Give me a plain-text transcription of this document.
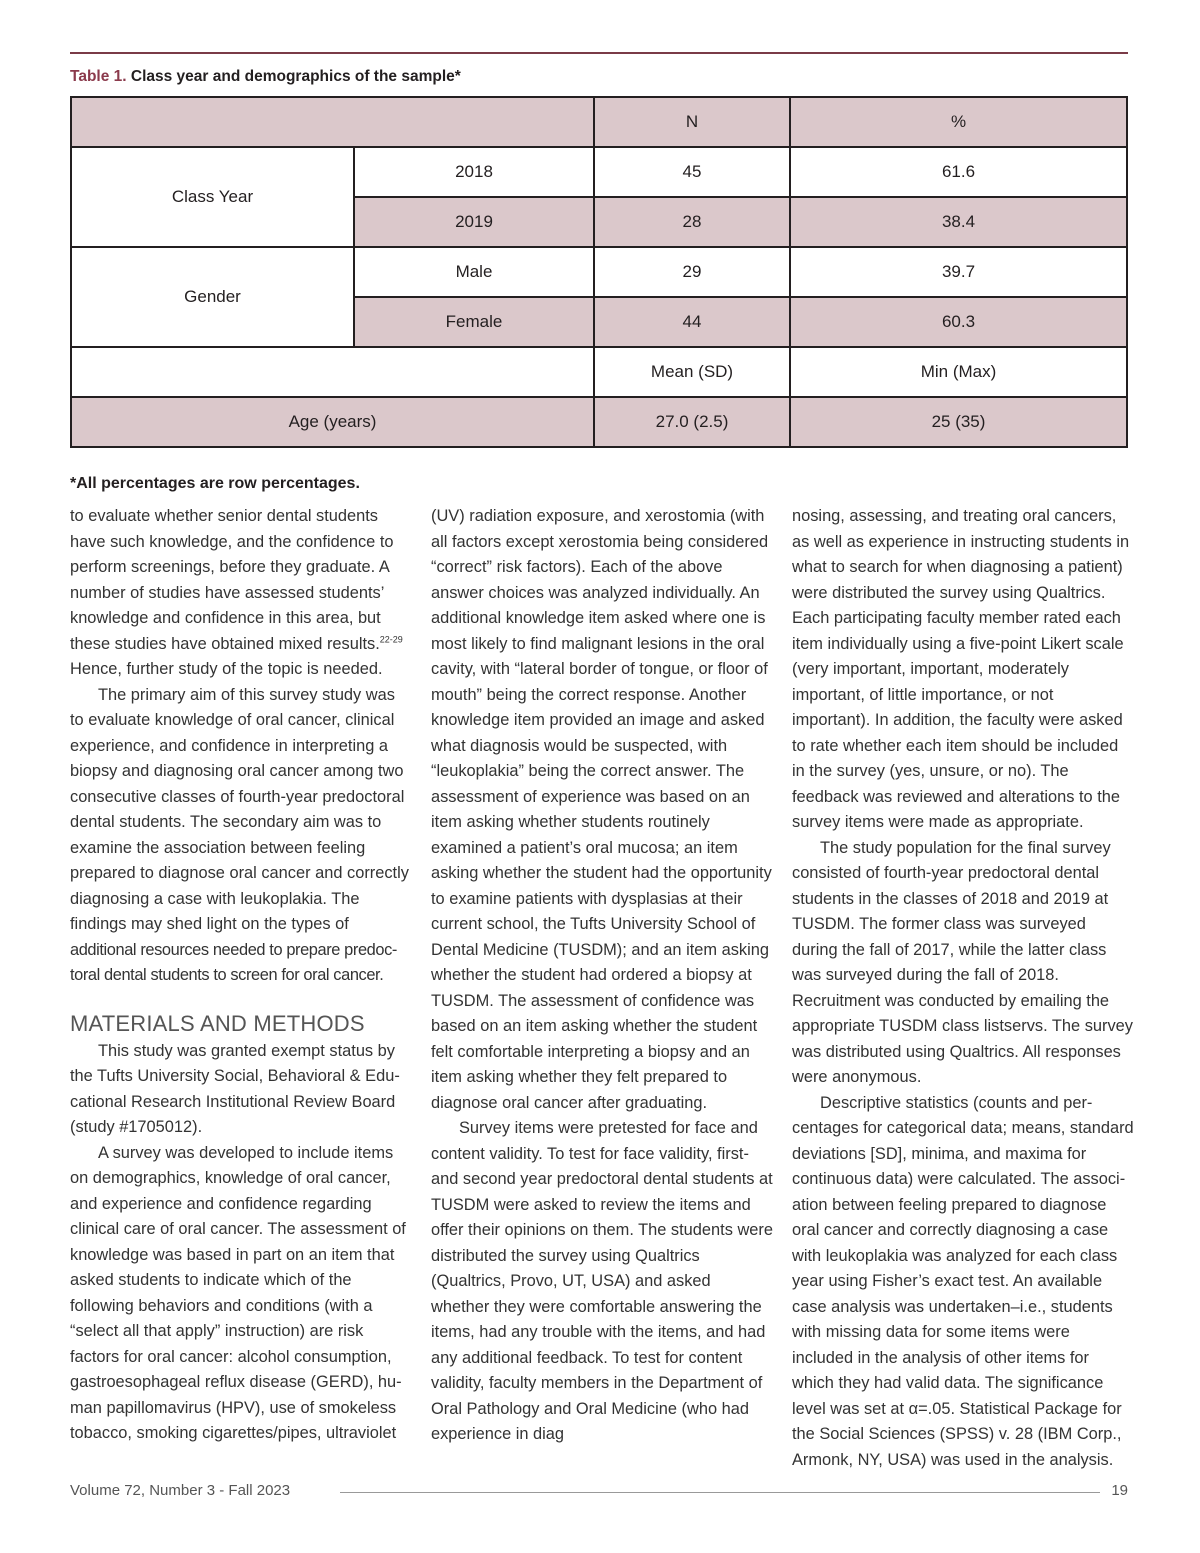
Table 1. Class year and demographics of the sample*
		N	%
Class Year	2018	45	61.6
	2019	28	38.4
Gender	Male	29	39.7
	Female	44	60.3
		Mean (SD)	Min (Max)
Age (years)		27.0 (2.5)	25 (35)
*All percentages are row percentages.

to evaluate whether senior dental students have such knowledge, and the confidence to perform screenings, before they graduate. A number of studies have assessed students’ knowledge and confidence in this area, but these studies have obtained mixed results.$^{22-29}$ Hence, further study of the topic is needed.

The primary aim of this survey study was to evaluate knowledge of oral cancer, clinical experience, and confidence in interpreting a biopsy and diagnosing oral cancer among two consecutive classes of fourth-year predoctoral dental students. The secondary aim was to examine the association between feeling prepared to diagnose oral cancer and correctly diagnosing a case with leukoplakia. The findings may shed light on the types of additional resources needed to prepare predoctoral dental students to screen for oral cancer.

MATERIALS AND METHODS

This study was granted exempt status by the Tufts University Social, Behavioral & Educational Research Institutional Review Board (study #1705012).

A survey was developed to include items on demographics, knowledge of oral cancer, and experience and confidence regarding clinical care of oral cancer. The assessment of knowledge was based in part on an item that asked students to indicate which of the following behaviors and conditions (with a “select all that apply” instruction) are risk factors for oral cancer: alcohol consumption, gastroesophageal reflux disease (GERD), human papillomavirus (HPV), use of smokeless tobacco, smoking cigarettes/pipes, ultraviolet

(UV) radiation exposure, and xerostomia (with all factors except xerostomia being considered “correct” risk factors). Each of the above answer choices was analyzed individually. An additional knowledge item asked where one is most likely to find malignant lesions in the oral cavity, with “lateral border of tongue, or floor of mouth” being the correct response. Another knowledge item provided an image and asked what diagnosis would be suspected, with “leukoplakia” being the correct answer. The assessment of experience was based on an item asking whether students routinely examined a patient’s oral mucosa; an item asking whether the student had the opportunity to examine patients with dysplasias at their current school, the Tufts University School of Dental Medicine (TUSDM); and an item asking whether the student had ordered a biopsy at TUSDM. The assessment of confidence was based on an item asking whether the student felt comfortable interpreting a biopsy and an item asking whether they felt prepared to diagnose oral cancer after graduating.

Survey items were pretested for face and content validity. To test for face validity, first- and second year predoctoral dental students at TUSDM were asked to review the items and offer their opinions on them. The students were distributed the survey using Qualtrics (Qualtrics, Provo, UT, USA) and asked whether they were comfortable answering the items, had any trouble with the items, and had any additional feedback. To test for content validity, faculty members in the Department of Oral Pathology and Oral Medicine (who had experience in diag

nosing, assessing, and treating oral cancers, as well as experience in instructing students in what to search for when diagnosing a patient) were distributed the survey using Qualtrics. Each participating faculty member rated each item individually using a five-point Likert scale (very important, important, moderately important, of little importance, or not important). In addition, the faculty were asked to rate whether each item should be included in the survey (yes, unsure, or no). The feedback was reviewed and alterations to the survey items were made as appropriate.

The study population for the final survey consisted of fourth-year predoctoral dental students in the classes of 2018 and 2019 at TUSDM. The former class was surveyed during the fall of 2017, while the latter class was surveyed during the fall of 2018. Recruitment was conducted by emailing the appropriate TUSDM class listservs. The survey was distributed using Qualtrics. All responses were anonymous.

Descriptive statistics (counts and percentages for categorical data; means, standard deviations [SD], minima, and maxima for continuous data) were calculated. The association between feeling prepared to diagnose oral cancer and correctly diagnosing a case with leukoplakia was analyzed for each class year using Fisher’s exact test. An available case analysis was undertaken–i.e., students with missing data for some items were included in the analysis of other items for which they had valid data. The significance level was set at α=.05. Statistical Package for the Social Sciences (SPSS) v. 28 (IBM Corp., Armonk, NY, USA) was used in the analysis.

Volume 72, Number 3 - Fall 2023	19
